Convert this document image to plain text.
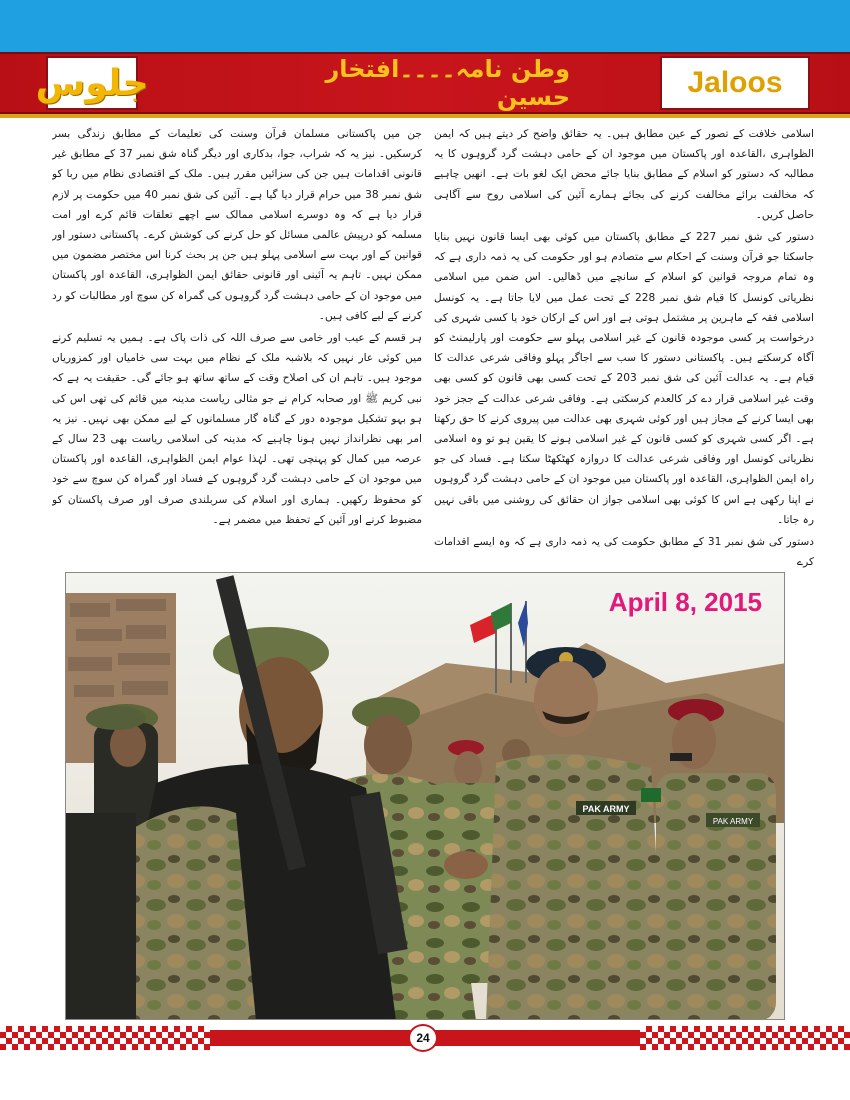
جلوس	وطن نامہ۔۔۔۔افتخار حسین	Jaloos

اسلامی خلافت کے تصور کے عین مطابق ہیں۔ یہ حقائق واضح کر دیتے ہیں کہ ایمن الظواہری ،القاعدہ اور پاکستان میں موجود ان کے حامی دہشت گرد گروہوں کا یہ مطالبہ کہ دستور کو اسلام کے مطابق بنایا جائے محض ایک لغو بات ہے۔ انھیں چاہیے کہ مخالفت برائے مخالفت کرنے کی بجائے ہمارے آئین کی اسلامی روح سے آگاہی حاصل کریں۔

دستور کی شق نمبر 227 کے مطابق پاکستان میں کوئی بھی ایسا قانون نہیں بنایا جاسکتا جو قرآن وسنت کے احکام سے متصادم ہو اور حکومت کی یہ ذمہ داری ہے کہ وہ تمام مروجہ قوانین کو اسلام کے سانچے میں ڈھالیں۔ اس ضمن میں اسلامی نظریاتی کونسل کا قیام شق نمبر 228 کے تحت عمل میں لایا جاتا ہے۔ یہ کونسل اسلامی فقہ کے ماہرین پر مشتمل ہوتی ہے اور اس کے ارکان خود یا کسی شہری کی درخواست پر کسی موجودہ قانون کے غیر اسلامی پہلو سے حکومت اور پارلیمنٹ کو آگاہ کرسکتے ہیں۔ پاکستانی دستور کا سب سے اجاگر پہلو وفاقی شرعی عدالت کا قیام ہے۔ یہ عدالت آئین کی شق نمبر 203 کے تحت کسی بھی قانون کو کسی بھی وقت غیر اسلامی قرار دے کر کالعدم کرسکتی ہے۔ وفاقی شرعی عدالت کے ججز خود بھی ایسا کرنے کے مجاز ہیں اور کوئی شہری بھی عدالت میں پیروی کرنے کا حق رکھتا ہے۔ اگر کسی شہری کو کسی قانون کے غیر اسلامی ہونے کا یقین ہو تو وہ اسلامی نظریاتی کونسل اور وفاقی شرعی عدالت کا دروازہ کھٹکھٹا سکتا ہے۔ فساد کی جو راہ ایمن الظواہری، القاعدہ اور پاکستان میں موجود ان کے حامی دہشت گرد گروہوں نے اپنا رکھی ہے اس کا کوئی بھی اسلامی جواز ان حقائق کی روشنی میں باقی نہیں رہ جاتا۔

دستور کی شق نمبر 31 کے مطابق حکومت کی یہ ذمہ داری ہے کہ وہ ایسے اقدامات کرے

جن میں پاکستانی مسلمان قرآن وسنت کی تعلیمات کے مطابق زندگی بسر کرسکیں۔ نیز یہ کہ شراب، جوا، بدکاری اور دیگر گناہ شق نمبر 37 کے مطابق غیر قانونی اقدامات ہیں جن کی سزائیں مقرر ہیں۔ ملک کے اقتصادی نظام میں ربا کو شق نمبر 38 میں حرام قرار دیا گیا ہے۔ آئین کی شق نمبر 40 میں حکومت پر لازم قرار دیا ہے کہ وہ دوسرے اسلامی ممالک سے اچھے تعلقات قائم کرے اور امت مسلمہ کو درپیش عالمی مسائل کو حل کرنے کی کوشش کرے۔ پاکستانی دستور اور قوانین کے اور بہت سے اسلامی پہلو ہیں جن پر بحث کرنا اس مختصر مضمون میں ممکن نہیں۔ تاہم یہ آئینی اور قانونی حقائق ایمن الظواہری، القاعدہ اور پاکستان میں موجود ان کے حامی دہشت گرد گروہوں کی گمراہ کن سوچ اور مطالبات کو رد کرنے کے لیے کافی ہیں۔

ہر قسم کے عیب اور خامی سے صرف اللہ کی ذات پاک ہے۔ ہمیں یہ تسلیم کرنے میں کوئی عار نہیں کہ بلاشبہ ملک کے نظام میں بہت سی خامیاں اور کمزوریاں موجود ہیں۔ تاہم ان کی اصلاح وقت کے ساتھ ساتھ ہو جائے گی۔ حقیقت یہ ہے کہ نبی کریم ﷺ اور صحابہ کرام نے جو مثالی ریاست مدینہ میں قائم کی تھی اس کی ہو بہو تشکیل موجودہ دور کے گناہ گار مسلمانوں کے لیے ممکن بھی نہیں۔ نیز یہ امر بھی نظرانداز نہیں ہونا چاہیے کہ مدینہ کی اسلامی ریاست بھی 23 سال کے عرصہ میں کمال کو پہنچی تھی۔ لہٰذا عوام ایمن الظواہری، القاعدہ اور پاکستان میں موجود ان کے حامی دہشت گرد گروہوں کے فساد اور گمراہ کن سوچ سے خود کو محفوظ رکھیں۔ ہماری اور اسلام کی سربلندی صرف اور صرف پاکستان کو مضبوط کرنے اور آئین کے تحفظ میں مضمر ہے۔

PAK ARMY
PAK ARMY
April 8, 2015
24
